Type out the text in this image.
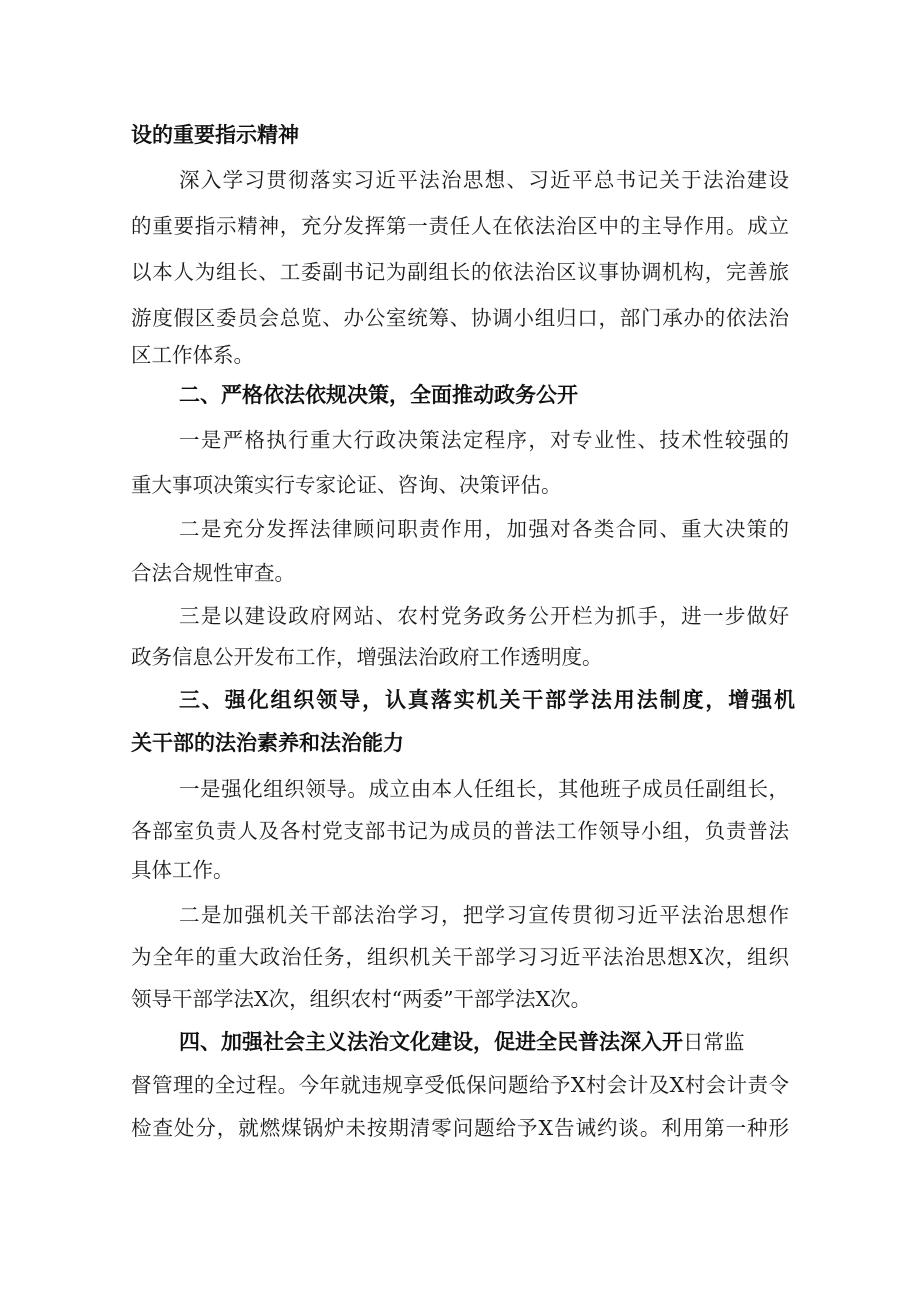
设的重要指示精神
深入学习贯彻落实习近平法治思想、习近平总书记关于法治建设
的重要指示精神，充分发挥第一责任人在依法治区中的主导作用。成立
以本人为组长、工委副书记为副组长的依法治区议事协调机构，完善旅
游度假区委员会总览、办公室统筹、协调小组归口，部门承办的依法治
区工作体系。
二、严格依法依规决策，全面推动政务公开
一是严格执行重大行政决策法定程序，对专业性、技术性较强的
重大事项决策实行专家论证、咨询、决策评估。
二是充分发挥法律顾问职责作用，加强对各类合同、重大决策的
合法合规性审查。
三是以建设政府网站、农村党务政务公开栏为抓手，进一步做好
政务信息公开发布工作，增强法治政府工作透明度。
三、强化组织领导，认真落实机关干部学法用法制度，增强机
关干部的法治素养和法治能力
一是强化组织领导。成立由本人任组长，其他班子成员任副组长，
各部室负责人及各村党支部书记为成员的普法工作领导小组，负责普法
具体工作。
二是加强机关干部法治学习，把学习宣传贯彻习近平法治思想作
为全年的重大政治任务，组织机关干部学习习近平法治思想X次，组织
领导干部学法X次，组织农村“两委”干部学法X次。
四、加强社会主义法治文化建设，促进全民普法深入开日常监
督管理的全过程。今年就违规享受低保问题给予X村会计及X村会计责令
检查处分，就燃煤锅炉未按期清零问题给予X告诫约谈。利用第一种形
